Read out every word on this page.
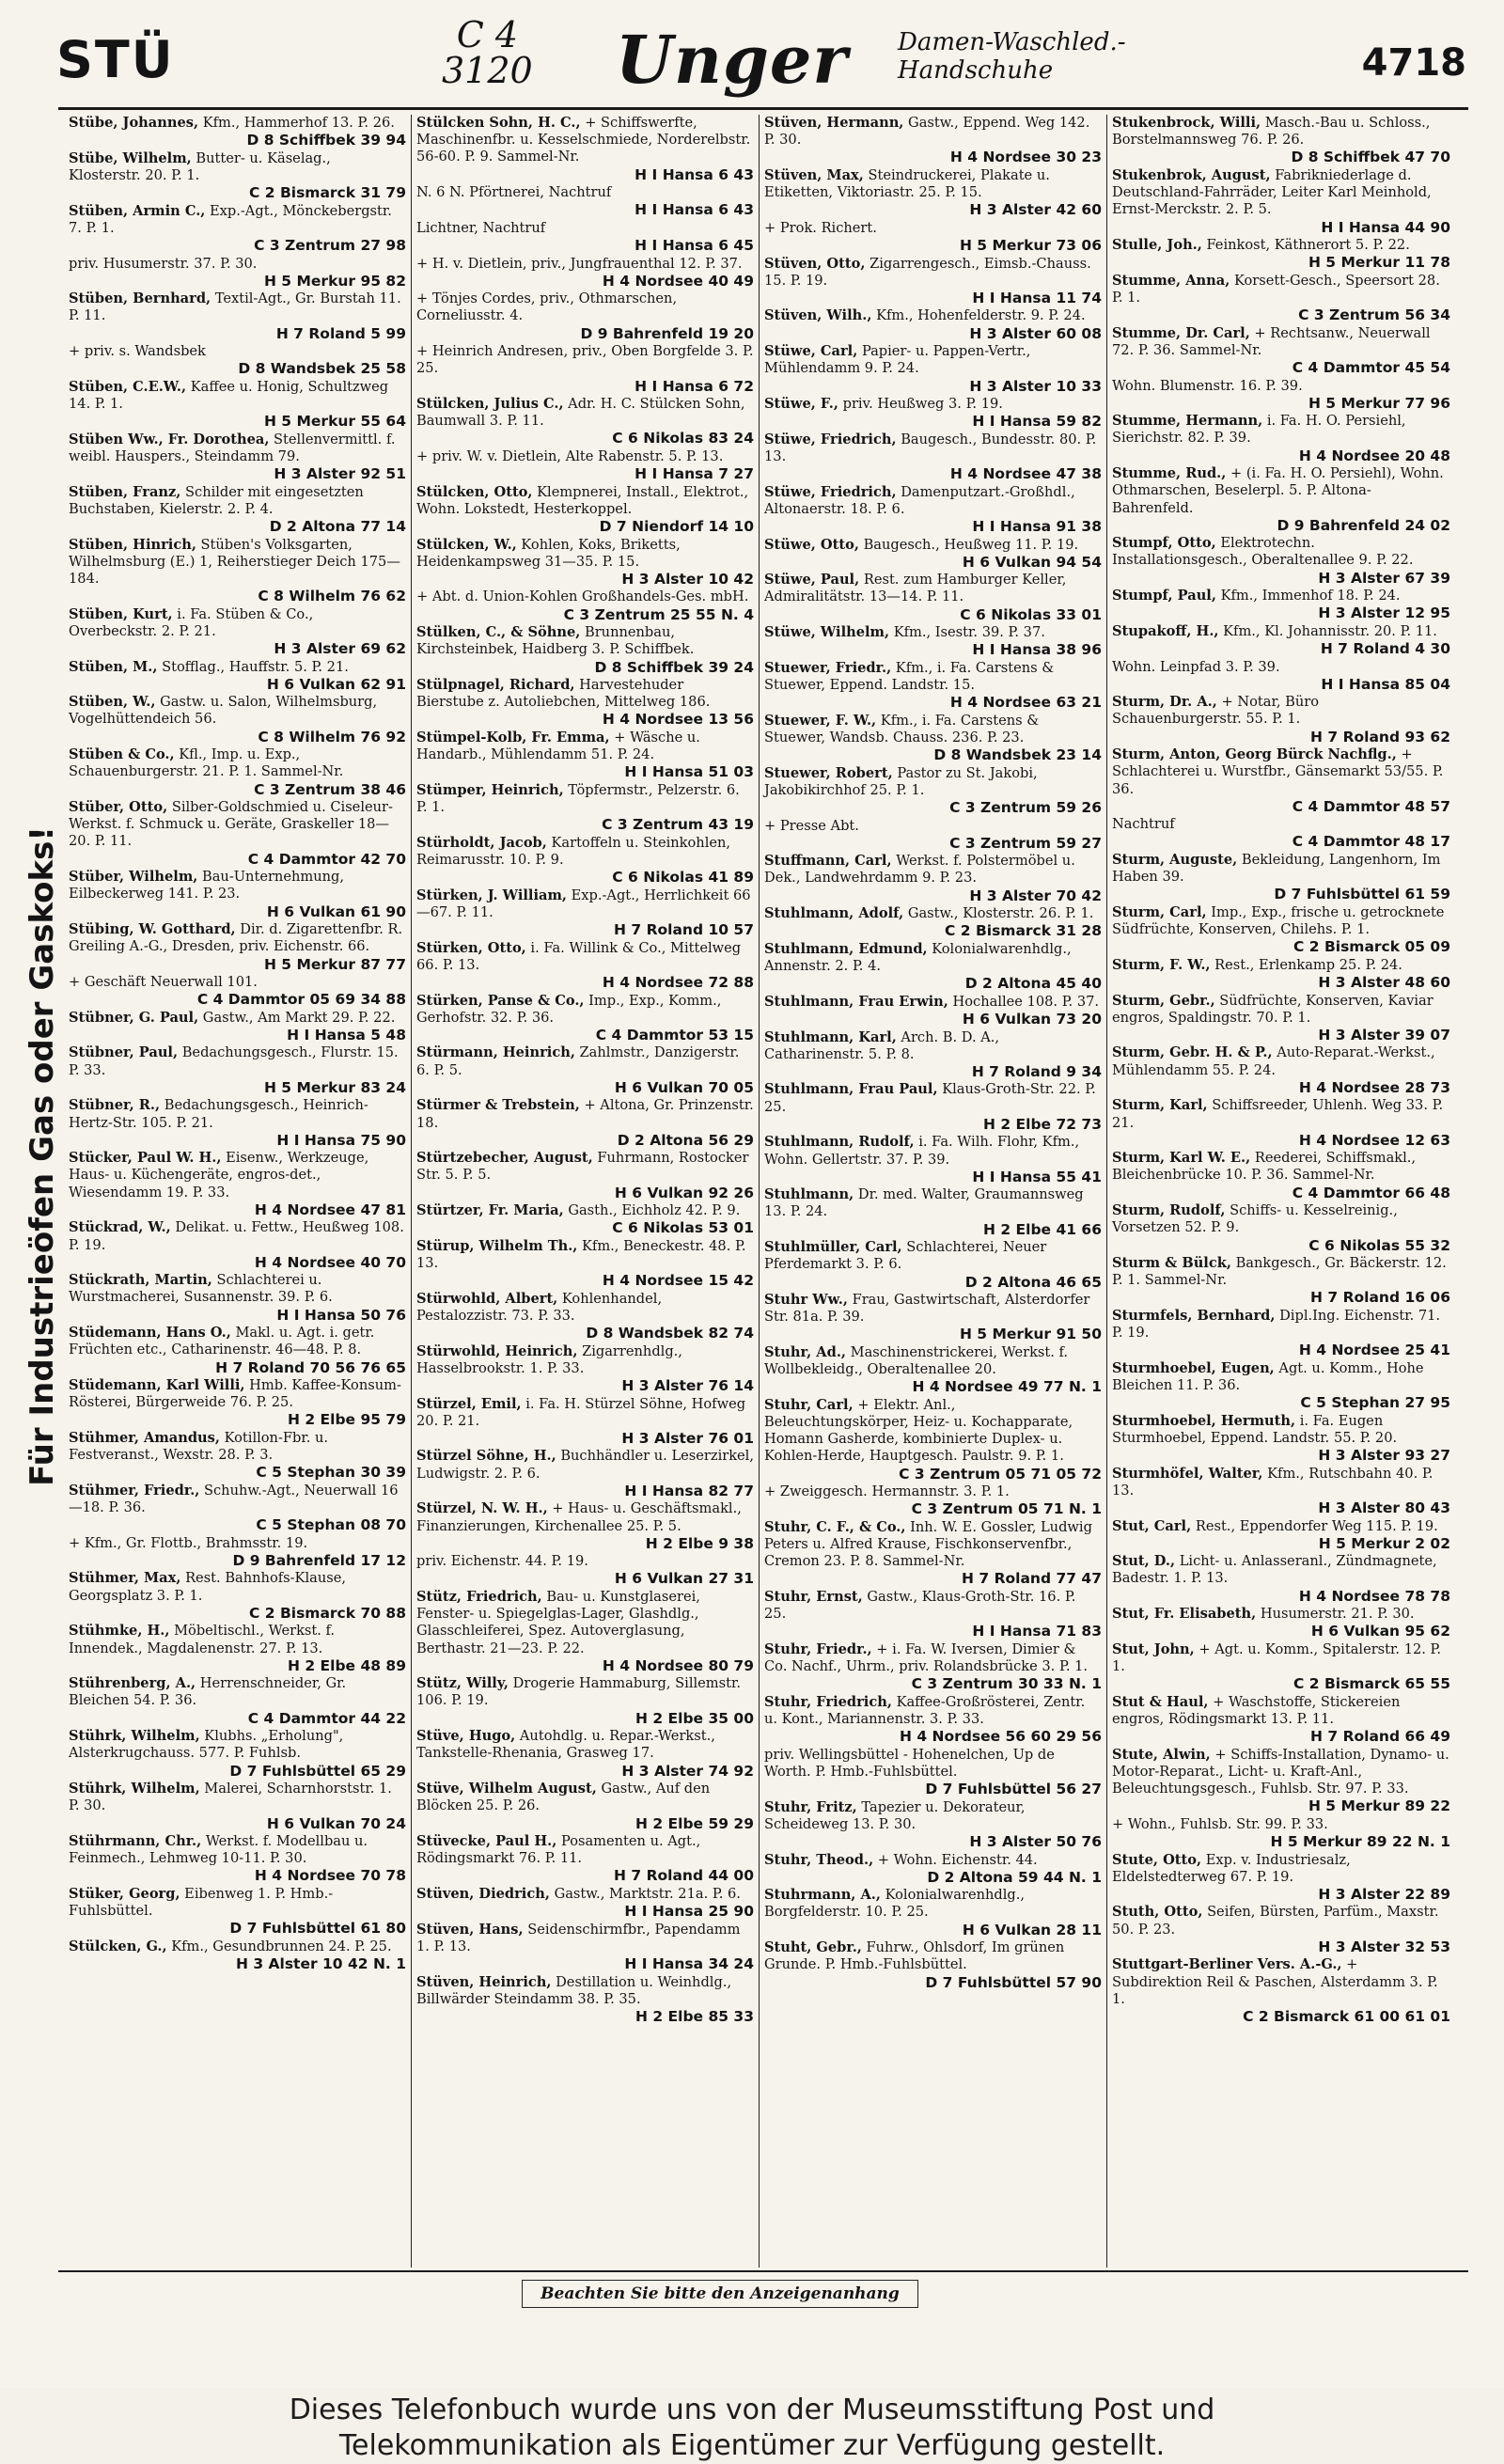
STÜ	C 4
3120 Unger Damen-Waschled.-
Handschuhe	4718
Für Industrieöfen Gas oder Gaskoks!
Stübe, Johannes, Kfm., Hammerhof 13. P. 26.
D 8 Schiffbek 39 94
Stübe, Wilhelm, Butter- u. Käselag., Klosterstr. 20. P. 1.
C 2 Bismarck 31 79
Stüben, Armin C., Exp.-Agt., Mönckebergstr. 7. P. 1.
C 3 Zentrum 27 98
priv. Husumerstr. 37. P. 30.
H 5 Merkur 95 82
Stüben, Bernhard, Textil-Agt., Gr. Burstah 11. P. 11.
H 7 Roland 5 99
+ priv. s. Wandsbek
D 8 Wandsbek 25 58
Stüben, C.E.W., Kaffee u. Honig, Schultzweg 14. P. 1.
H 5 Merkur 55 64
Stüben Ww., Fr. Dorothea, Stellenvermittl. f. weibl. Hauspers., Steindamm 79.
H 3 Alster 92 51
Stüben, Franz, Schilder mit eingesetzten Buchstaben, Kielerstr. 2. P. 4.
D 2 Altona 77 14
Stüben, Hinrich, Stüben's Volksgarten, Wilhelmsburg (E.) 1, Reiherstieger Deich 175—184.
C 8 Wilhelm 76 62
Stüben, Kurt, i. Fa. Stüben & Co., Overbeckstr. 2. P. 21.
H 3 Alster 69 62
Stüben, M., Stofflag., Hauffstr. 5. P. 21.
H 6 Vulkan 62 91
Stüben, W., Gastw. u. Salon, Wilhelmsburg, Vogelhüttendeich 56.
C 8 Wilhelm 76 92
Stüben & Co., Kfl., Imp. u. Exp., Schauenburgerstr. 21. P. 1. Sammel-Nr.
C 3 Zentrum 38 46
Stüber, Otto, Silber-Goldschmied u. Ciseleur-Werkst. f. Schmuck u. Geräte, Graskeller 18—20. P. 11.
C 4 Dammtor 42 70
Stüber, Wilhelm, Bau-Unternehmung, Eilbeckerweg 141. P. 23.
H 6 Vulkan 61 90
Stübing, W. Gotthard, Dir. d. Zigarettenfbr. R. Greiling A.-G., Dresden, priv. Eichenstr. 66.
H 5 Merkur 87 77
+ Geschäft Neuerwall 101.
C 4 Dammtor 05 69 34 88
Stübner, G. Paul, Gastw., Am Markt 29. P. 22.
H I Hansa 5 48
Stübner, Paul, Bedachungsgesch., Flurstr. 15. P. 33.
H 5 Merkur 83 24
Stübner, R., Bedachungsgesch., Heinrich-Hertz-Str. 105. P. 21.
H I Hansa 75 90
Stücker, Paul W. H., Eisenw., Werkzeuge, Haus- u. Küchengeräte, engros-det., Wiesendamm 19. P. 33.
H 4 Nordsee 47 81
Stückrad, W., Delikat. u. Fettw., Heußweg 108. P. 19.
H 4 Nordsee 40 70
Stückrath, Martin, Schlachterei u. Wurstmacherei, Susannenstr. 39. P. 6.
H I Hansa 50 76
Stüdemann, Hans O., Makl. u. Agt. i. getr. Früchten etc., Catharinenstr. 46—48. P. 8.
H 7 Roland 70 56 76 65
Stüdemann, Karl Willi, Hmb. Kaffee-Konsum-Rösterei, Bürgerweide 76. P. 25.
H 2 Elbe 95 79
Stühmer, Amandus, Kotillon-Fbr. u. Festveranst., Wexstr. 28. P. 3.
C 5 Stephan 30 39
Stühmer, Friedr., Schuhw.-Agt., Neuerwall 16—18. P. 36.
C 5 Stephan 08 70
+ Kfm., Gr. Flottb., Brahmsstr. 19.
D 9 Bahrenfeld 17 12
Stühmer, Max, Rest. Bahnhofs-Klause, Georgsplatz 3. P. 1.
C 2 Bismarck 70 88
Stühmke, H., Möbeltischl., Werkst. f. Innendek., Magdalenenstr. 27. P. 13.
H 2 Elbe 48 89
Stührenberg, A., Herrenschneider, Gr. Bleichen 54. P. 36.
C 4 Dammtor 44 22
Stührk, Wilhelm, Klubhs. „Erholung", Alsterkrugchauss. 577. P. Fuhlsb.
D 7 Fuhlsbüttel 65 29
Stührk, Wilhelm, Malerei, Scharnhorststr. 1. P. 30.
H 6 Vulkan 70 24
Stührmann, Chr., Werkst. f. Modellbau u. Feinmech., Lehmweg 10-11. P. 30.
H 4 Nordsee 70 78
Stüker, Georg, Eibenweg 1. P. Hmb.-Fuhlsbüttel.
D 7 Fuhlsbüttel 61 80
Stülcken, G., Kfm., Gesundbrunnen 24. P. 25.
H 3 Alster 10 42 N. 1
Stülcken Sohn, H. C., + Schiffswerfte, Maschinenfbr. u. Kesselschmiede, Norderelbstr. 56-60. P. 9. Sammel-Nr.
H I Hansa 6 43
N. 6 N. Pförtnerei, Nachtruf
H I Hansa 6 43
Lichtner, Nachtruf
H I Hansa 6 45
+ H. v. Dietlein, priv., Jungfrauenthal 12. P. 37.
H 4 Nordsee 40 49
+ Tönjes Cordes, priv., Othmarschen, Corneliusstr. 4.
D 9 Bahrenfeld 19 20
+ Heinrich Andresen, priv., Oben Borgfelde 3. P. 25.
H I Hansa 6 72
Stülcken, Julius C., Adr. H. C. Stülcken Sohn, Baumwall 3. P. 11.
C 6 Nikolas 83 24
+ priv. W. v. Dietlein, Alte Rabenstr. 5. P. 13.
H I Hansa 7 27
Stülcken, Otto, Klempnerei, Install., Elektrot., Wohn. Lokstedt, Hesterkoppel.
D 7 Niendorf 14 10
Stülcken, W., Kohlen, Koks, Briketts, Heidenkampsweg 31—35. P. 15.
H 3 Alster 10 42
+ Abt. d. Union-Kohlen Großhandels-Ges. mbH.
C 3 Zentrum 25 55 N. 4
Stülken, C., & Söhne, Brunnenbau, Kirchsteinbek, Haidberg 3. P. Schiffbek.
D 8 Schiffbek 39 24
Stülpnagel, Richard, Harvestehuder Bierstube z. Autoliebchen, Mittelweg 186.
H 4 Nordsee 13 56
Stümpel-Kolb, Fr. Emma, + Wäsche u. Handarb., Mühlendamm 51. P. 24.
H I Hansa 51 03
Stümper, Heinrich, Töpfermstr., Pelzerstr. 6. P. 1.
C 3 Zentrum 43 19
Stürholdt, Jacob, Kartoffeln u. Steinkohlen, Reimarusstr. 10. P. 9.
C 6 Nikolas 41 89
Stürken, J. William, Exp.-Agt., Herrlichkeit 66—67. P. 11.
H 7 Roland 10 57
Stürken, Otto, i. Fa. Willink & Co., Mittelweg 66. P. 13.
H 4 Nordsee 72 88
Stürken, Panse & Co., Imp., Exp., Komm., Gerhofstr. 32. P. 36.
C 4 Dammtor 53 15
Stürmann, Heinrich, Zahlmstr., Danzigerstr. 6. P. 5.
H 6 Vulkan 70 05
Stürmer & Trebstein, + Altona, Gr. Prinzenstr. 18.
D 2 Altona 56 29
Stürtzebecher, August, Fuhrmann, Rostocker Str. 5. P. 5.
H 6 Vulkan 92 26
Stürtzer, Fr. Maria, Gasth., Eichholz 42. P. 9.
C 6 Nikolas 53 01
Stürup, Wilhelm Th., Kfm., Beneckestr. 48. P. 13.
H 4 Nordsee 15 42
Stürwohld, Albert, Kohlenhandel, Pestalozzistr. 73. P. 33.
D 8 Wandsbek 82 74
Stürwohld, Heinrich, Zigarrenhdlg., Hasselbrookstr. 1. P. 33.
H 3 Alster 76 14
Stürzel, Emil, i. Fa. H. Stürzel Söhne, Hofweg 20. P. 21.
H 3 Alster 76 01
Stürzel Söhne, H., Buchhändler u. Leserzirkel, Ludwigstr. 2. P. 6.
H I Hansa 82 77
Stürzel, N. W. H., + Haus- u. Geschäftsmakl., Finanzierungen, Kirchenallee 25. P. 5.
H 2 Elbe 9 38
priv. Eichenstr. 44. P. 19.
H 6 Vulkan 27 31
Stütz, Friedrich, Bau- u. Kunstglaserei, Fenster- u. Spiegelglas-Lager, Glashdlg., Glasschleiferei, Spez. Autoverglasung, Berthastr. 21—23. P. 22.
H 4 Nordsee 80 79
Stütz, Willy, Drogerie Hammaburg, Sillemstr. 106. P. 19.
H 2 Elbe 35 00
Stüve, Hugo, Autohdlg. u. Repar.-Werkst., Tankstelle-Rhenania, Grasweg 17.
H 3 Alster 74 92
Stüve, Wilhelm August, Gastw., Auf den Blöcken 25. P. 26.
H 2 Elbe 59 29
Stüvecke, Paul H., Posamenten u. Agt., Rödingsmarkt 76. P. 11.
H 7 Roland 44 00
Stüven, Diedrich, Gastw., Marktstr. 21a. P. 6.
H I Hansa 25 90
Stüven, Hans, Seidenschirmfbr., Papendamm 1. P. 13.
H I Hansa 34 24
Stüven, Heinrich, Destillation u. Weinhdlg., Billwärder Steindamm 38. P. 35.
H 2 Elbe 85 33
Stüven, Hermann, Gastw., Eppend. Weg 142. P. 30.
H 4 Nordsee 30 23
Stüven, Max, Steindruckerei, Plakate u. Etiketten, Viktoriastr. 25. P. 15.
H 3 Alster 42 60
+ Prok. Richert.
H 5 Merkur 73 06
Stüven, Otto, Zigarrengesch., Eimsb.-Chauss. 15. P. 19.
H I Hansa 11 74
Stüven, Wilh., Kfm., Hohenfelderstr. 9. P. 24.
H 3 Alster 60 08
Stüwe, Carl, Papier- u. Pappen-Vertr., Mühlendamm 9. P. 24.
H 3 Alster 10 33
Stüwe, F., priv. Heußweg 3. P. 19.
H I Hansa 59 82
Stüwe, Friedrich, Baugesch., Bundesstr. 80. P. 13.
H 4 Nordsee 47 38
Stüwe, Friedrich, Damenputzart.-Großhdl., Altonaerstr. 18. P. 6.
H I Hansa 91 38
Stüwe, Otto, Baugesch., Heußweg 11. P. 19.
H 6 Vulkan 94 54
Stüwe, Paul, Rest. zum Hamburger Keller, Admiralitätstr. 13—14. P. 11.
C 6 Nikolas 33 01
Stüwe, Wilhelm, Kfm., Isestr. 39. P. 37.
H I Hansa 38 96
Stuewer, Friedr., Kfm., i. Fa. Carstens & Stuewer, Eppend. Landstr. 15.
H 4 Nordsee 63 21
Stuewer, F. W., Kfm., i. Fa. Carstens & Stuewer, Wandsb. Chauss. 236. P. 23.
D 8 Wandsbek 23 14
Stuewer, Robert, Pastor zu St. Jakobi, Jakobikirchhof 25. P. 1.
C 3 Zentrum 59 26
+ Presse Abt.
C 3 Zentrum 59 27
Stuffmann, Carl, Werkst. f. Polstermöbel u. Dek., Landwehrdamm 9. P. 23.
H 3 Alster 70 42
Stuhlmann, Adolf, Gastw., Klosterstr. 26. P. 1.
C 2 Bismarck 31 28
Stuhlmann, Edmund, Kolonialwarenhdlg., Annenstr. 2. P. 4.
D 2 Altona 45 40
Stuhlmann, Frau Erwin, Hochallee 108. P. 37.
H 6 Vulkan 73 20
Stuhlmann, Karl, Arch. B. D. A., Catharinenstr. 5. P. 8.
H 7 Roland 9 34
Stuhlmann, Frau Paul, Klaus-Groth-Str. 22. P. 25.
H 2 Elbe 72 73
Stuhlmann, Rudolf, i. Fa. Wilh. Flohr, Kfm., Wohn. Gellertstr. 37. P. 39.
H I Hansa 55 41
Stuhlmann, Dr. med. Walter, Graumannsweg 13. P. 24.
H 2 Elbe 41 66
Stuhlmüller, Carl, Schlachterei, Neuer Pferdemarkt 3. P. 6.
D 2 Altona 46 65
Stuhr Ww., Frau, Gastwirtschaft, Alsterdorfer Str. 81a. P. 39.
H 5 Merkur 91 50
Stuhr, Ad., Maschinenstrickerei, Werkst. f. Wollbekleidg., Oberaltenallee 20.
H 4 Nordsee 49 77 N. 1
Stuhr, Carl, + Elektr. Anl., Beleuchtungskörper, Heiz- u. Kochapparate, Homann Gasherde, kombinierte Duplex- u. Kohlen-Herde, Hauptgesch. Paulstr. 9. P. 1.
C 3 Zentrum 05 71 05 72
+ Zweiggesch. Hermannstr. 3. P. 1.
C 3 Zentrum 05 71 N. 1
Stuhr, C. F., & Co., Inh. W. E. Gossler, Ludwig Peters u. Alfred Krause, Fischkonservenfbr., Cremon 23. P. 8. Sammel-Nr.
H 7 Roland 77 47
Stuhr, Ernst, Gastw., Klaus-Groth-Str. 16. P. 25.
H I Hansa 71 83
Stuhr, Friedr., + i. Fa. W. Iversen, Dimier & Co. Nachf., Uhrm., priv. Rolandsbrücke 3. P. 1.
C 3 Zentrum 30 33 N. 1
Stuhr, Friedrich, Kaffee-Großrösterei, Zentr. u. Kont., Mariannenstr. 3. P. 33.
H 4 Nordsee 56 60 29 56
priv. Wellingsbüttel - Hohenelchen, Up de Worth. P. Hmb.-Fuhlsbüttel.
D 7 Fuhlsbüttel 56 27
Stuhr, Fritz, Tapezier u. Dekorateur, Scheideweg 13. P. 30.
H 3 Alster 50 76
Stuhr, Theod., + Wohn. Eichenstr. 44.
D 2 Altona 59 44 N. 1
Stuhrmann, A., Kolonialwarenhdlg., Borgfelderstr. 10. P. 25.
H 6 Vulkan 28 11
Stuht, Gebr., Fuhrw., Ohlsdorf, Im grünen Grunde. P. Hmb.-Fuhlsbüttel.
D 7 Fuhlsbüttel 57 90
Stukenbrock, Willi, Masch.-Bau u. Schloss., Borstelmannsweg 76. P. 26.
D 8 Schiffbek 47 70
Stukenbrok, August, Fabrikniederlage d. Deutschland-Fahrräder, Leiter Karl Meinhold, Ernst-Merckstr. 2. P. 5.
H I Hansa 44 90
Stulle, Joh., Feinkost, Käthnerort 5. P. 22.
H 5 Merkur 11 78
Stumme, Anna, Korsett-Gesch., Speersort 28. P. 1.
C 3 Zentrum 56 34
Stumme, Dr. Carl, + Rechtsanw., Neuerwall 72. P. 36. Sammel-Nr.
C 4 Dammtor 45 54
Wohn. Blumenstr. 16. P. 39.
H 5 Merkur 77 96
Stumme, Hermann, i. Fa. H. O. Persiehl, Sierichstr. 82. P. 39.
H 4 Nordsee 20 48
Stumme, Rud., + (i. Fa. H. O. Persiehl), Wohn. Othmarschen, Beselerpl. 5. P. Altona-Bahrenfeld.
D 9 Bahrenfeld 24 02
Stumpf, Otto, Elektrotechn. Installationsgesch., Oberaltenallee 9. P. 22.
H 3 Alster 67 39
Stumpf, Paul, Kfm., Immenhof 18. P. 24.
H 3 Alster 12 95
Stupakoff, H., Kfm., Kl. Johannisstr. 20. P. 11.
H 7 Roland 4 30
Wohn. Leinpfad 3. P. 39.
H I Hansa 85 04
Sturm, Dr. A., + Notar, Büro Schauenburgerstr. 55. P. 1.
H 7 Roland 93 62
Sturm, Anton, Georg Bürck Nachflg., + Schlachterei u. Wurstfbr., Gänsemarkt 53/55. P. 36.
C 4 Dammtor 48 57
Nachtruf
C 4 Dammtor 48 17
Sturm, Auguste, Bekleidung, Langenhorn, Im Haben 39.
D 7 Fuhlsbüttel 61 59
Sturm, Carl, Imp., Exp., frische u. getrocknete Südfrüchte, Konserven, Chilehs. P. 1.
C 2 Bismarck 05 09
Sturm, F. W., Rest., Erlenkamp 25. P. 24.
H 3 Alster 48 60
Sturm, Gebr., Südfrüchte, Konserven, Kaviar engros, Spaldingstr. 70. P. 1.
H 3 Alster 39 07
Sturm, Gebr. H. & P., Auto-Reparat.-Werkst., Mühlendamm 55. P. 24.
H 4 Nordsee 28 73
Sturm, Karl, Schiffsreeder, Uhlenh. Weg 33. P. 21.
H 4 Nordsee 12 63
Sturm, Karl W. E., Reederei, Schiffsmakl., Bleichenbrücke 10. P. 36. Sammel-Nr.
C 4 Dammtor 66 48
Sturm, Rudolf, Schiffs- u. Kesselreinig., Vorsetzen 52. P. 9.
C 6 Nikolas 55 32
Sturm & Bülck, Bankgesch., Gr. Bäckerstr. 12. P. 1. Sammel-Nr.
H 7 Roland 16 06
Sturmfels, Bernhard, Dipl.Ing. Eichenstr. 71. P. 19.
H 4 Nordsee 25 41
Sturmhoebel, Eugen, Agt. u. Komm., Hohe Bleichen 11. P. 36.
C 5 Stephan 27 95
Sturmhoebel, Hermuth, i. Fa. Eugen Sturmhoebel, Eppend. Landstr. 55. P. 20.
H 3 Alster 93 27
Sturmhöfel, Walter, Kfm., Rutschbahn 40. P. 13.
H 3 Alster 80 43
Stut, Carl, Rest., Eppendorfer Weg 115. P. 19.
H 5 Merkur 2 02
Stut, D., Licht- u. Anlasseranl., Zündmagnete, Badestr. 1. P. 13.
H 4 Nordsee 78 78
Stut, Fr. Elisabeth, Husumerstr. 21. P. 30.
H 6 Vulkan 95 62
Stut, John, + Agt. u. Komm., Spitalerstr. 12. P. 1.
C 2 Bismarck 65 55
Stut & Haul, + Waschstoffe, Stickereien engros, Rödingsmarkt 13. P. 11.
H 7 Roland 66 49
Stute, Alwin, + Schiffs-Installation, Dynamo- u. Motor-Reparat., Licht- u. Kraft-Anl., Beleuchtungsgesch., Fuhlsb. Str. 97. P. 33.
H 5 Merkur 89 22
+ Wohn., Fuhlsb. Str. 99. P. 33.
H 5 Merkur 89 22 N. 1
Stute, Otto, Exp. v. Industriesalz, Eldelstedterweg 67. P. 19.
H 3 Alster 22 89
Stuth, Otto, Seifen, Bürsten, Parfüm., Maxstr. 50. P. 23.
H 3 Alster 32 53
Stuttgart-Berliner Vers. A.-G., + Subdirektion Reil & Paschen, Alsterdamm 3. P. 1.
C 2 Bismarck 61 00 61 01
Beachten Sie bitte den Anzeigenanhang
Dieses Telefonbuch wurde uns von der Museumsstiftung Post und
Telekommunikation als Eigentümer zur Verfügung gestellt.
